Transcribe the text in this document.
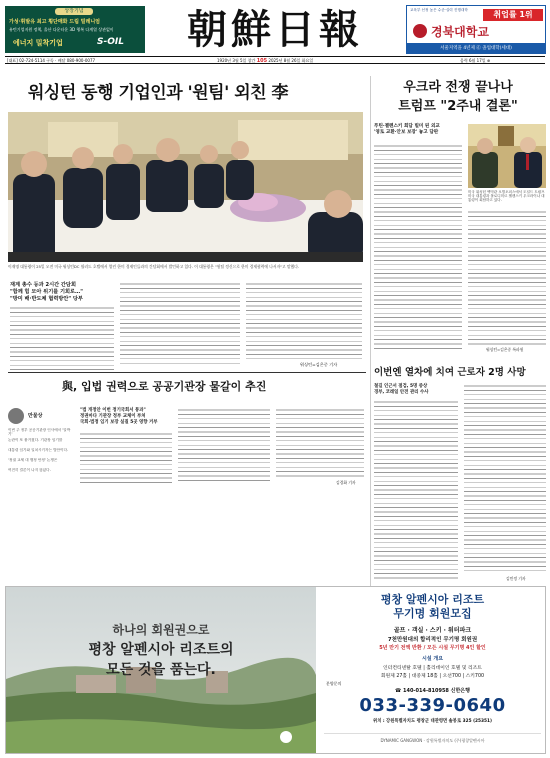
상장기념
가성·휘발유 최고 횡단매화 드림 밀레니엄
유턴기업지원 정책, 울산 다운타운 3D 행복 다계열 상관없이
에너지 밀착기업	S-OIL 朝鮮日報	교육부 선정 높은 수준·실력 진행대학	취업률 1위
경북대학교
서울지역을 4년제 ⓓ 졸업대학(세대)
[대표] 02-724-5114 구독 · 배달 080-900-0077	1920년 3월 5일 창간 105 2025년 8월 26일 화요일	음력 6월 17일 ⊕
워싱턴 동행 기업인과 '원팀' 외친 李
이재명 대통령이 25일 오전 미국 워싱턴DC 윌러드 호텔에서 열린 한미 경제인들과의 간담회에서 발언하고 있다. 이 대통령은 "원팀 정신으로 한미 경제협력에 나서자"고 말했다.
재계 총수 등과 2시간 간담회
"함께 힘 모아 위기를 기회로…"
"방미 배·반도체 협력방안" 당부
워싱턴=김은중 기자
우크라 전쟁 끝나나
트럼프 "2주내 결론"
푸틴·젤렌스키 회담 빌미 된 외교
'영토 교환·안보 보장' 놓고 담판
미국 워싱턴 백악관 오벌오피스에서 도널드 트럼프 미국 대통령과 볼로디미르 젤렌스키 우크라이나 대통령이 회담하고 있다.
워싱턴=김은중 특파원
이번엔 열차에 치여 근로자 2명 사망
철길 인근서 점검, 5명 중상
경부, 코레일 안전 관리 수사
김민정 기자
與, 입법 권력으로 공공기관장 물갈이 추진
만물상
이번 주 정부 공공기관장 인사에서 '알박기'
논란이 또 불거졌다. 기관장 임기를
대통령 임기와 일치시키자는 법안이다.
'정권 교체 대 행정 안정' 논쟁은
여전히 결론이 나지 않았다.
"법 개정안 이번 정기국회서 통과"
정권마다 기관장 정부 교체이 부처
국회·법정 임기 보장 실질 5곳 영향 거부
김경화 기자
하나의 회원권으로
평창 알펜시아 리조트의
모든 것을 품는다.
평창 알펜시아 리조트
무기명 회원모집
골프 · 객실 · 스키 · 워터파크
7천만원대의 합리적인 무기명 회원권
5년 만기 전액 반환 / 모든 시설 무기명 4인 할인
시설 개요
인터컨티넨탈 호텔 | 홀리데이인 호텔 및 리조트
회원제 27홀 | 대중제 18홀 | 오션700 | 스키700
분양문의
☎ 140-014-810958 신한은행
033-339-0640
위치 : 강원특별자치도 평창군 대관령면 솔봉로 325 (25351)
DYNAMIC GANGWON · 강원특별자치도 (주)평창알펜시아
